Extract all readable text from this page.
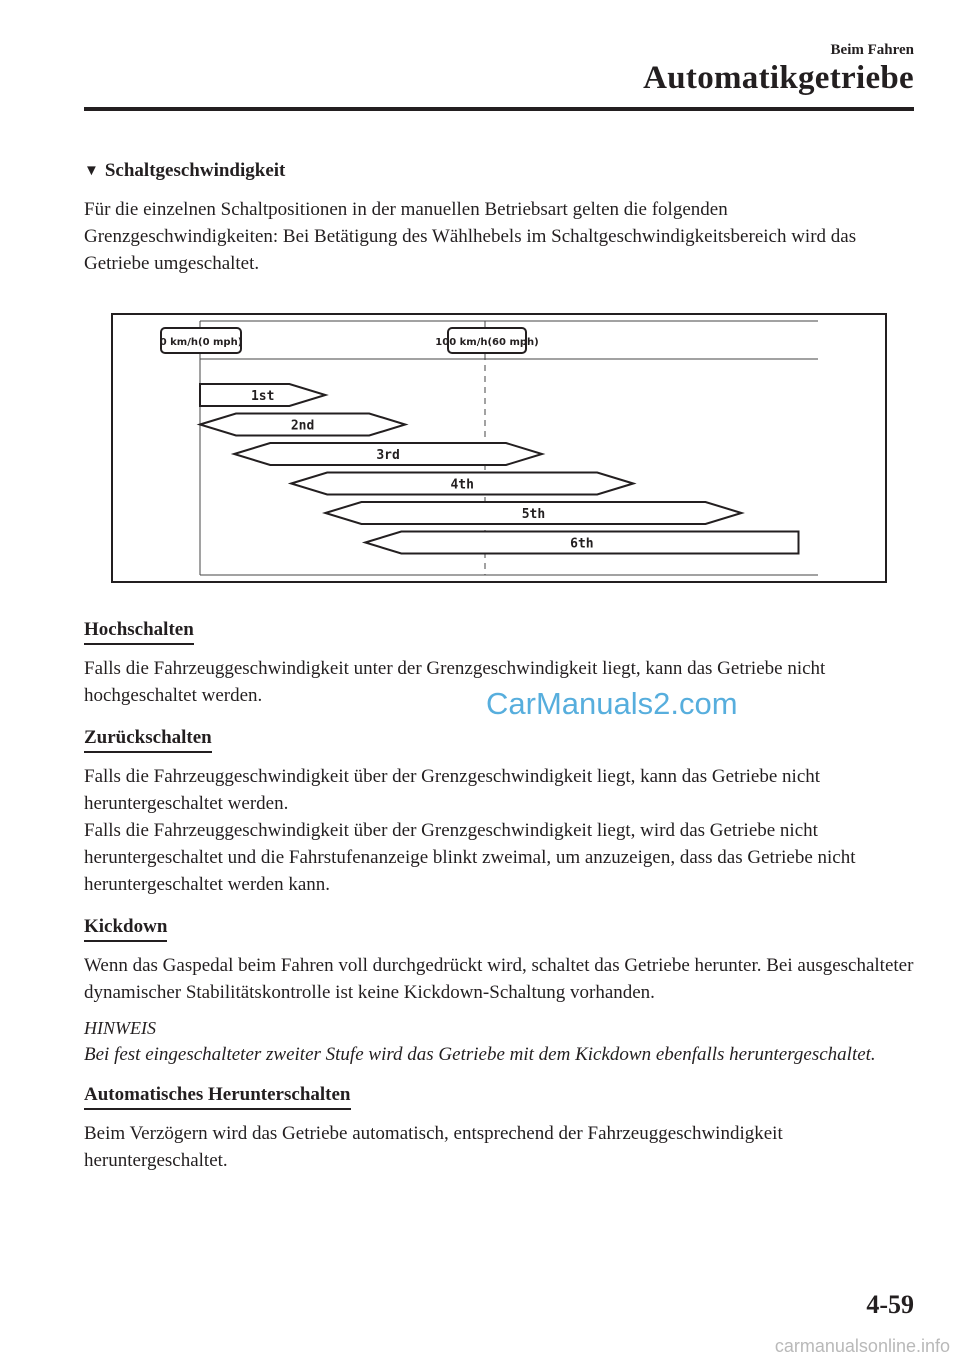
Beim Fahren
Automatikgetriebe
▼ Schaltgeschwindigkeit

Für die einzelnen Schaltpositionen in der manuellen Betriebsart gelten die folgenden Grenzgeschwindigkeiten: Bei Betätigung des Wählhebels im Schaltgeschwindigkeitsbereich wird das Getriebe umgeschaltet.

0 km/h(0 mph)	100 km/h(60 mph)
1st
2nd
3rd
4th
5th
6th
Hochschalten

Falls die Fahrzeuggeschwindigkeit unter der Grenzgeschwindigkeit liegt, kann das Getriebe nicht hochgeschaltet werden.

Zurückschalten

Falls die Fahrzeuggeschwindigkeit über der Grenzgeschwindigkeit liegt, kann das Getriebe nicht heruntergeschaltet werden.

Falls die Fahrzeuggeschwindigkeit über der Grenzgeschwindigkeit liegt, wird das Getriebe nicht heruntergeschaltet und die Fahrstufenanzeige blinkt zweimal, um anzuzeigen, dass das Getriebe nicht heruntergeschaltet werden kann.

Kickdown

Wenn das Gaspedal beim Fahren voll durchgedrückt wird, schaltet das Getriebe herunter. Bei ausgeschalteter dynamischer Stabilitätskontrolle ist keine Kickdown-Schaltung vorhanden.

HINWEIS

Bei fest eingeschalteter zweiter Stufe wird das Getriebe mit dem Kickdown ebenfalls heruntergeschaltet.

Automatisches Herunterschalten

Beim Verzögern wird das Getriebe automatisch, entsprechend der Fahrzeuggeschwindigkeit heruntergeschaltet.

CarManuals2.com
4-59
carmanualsonline.info
